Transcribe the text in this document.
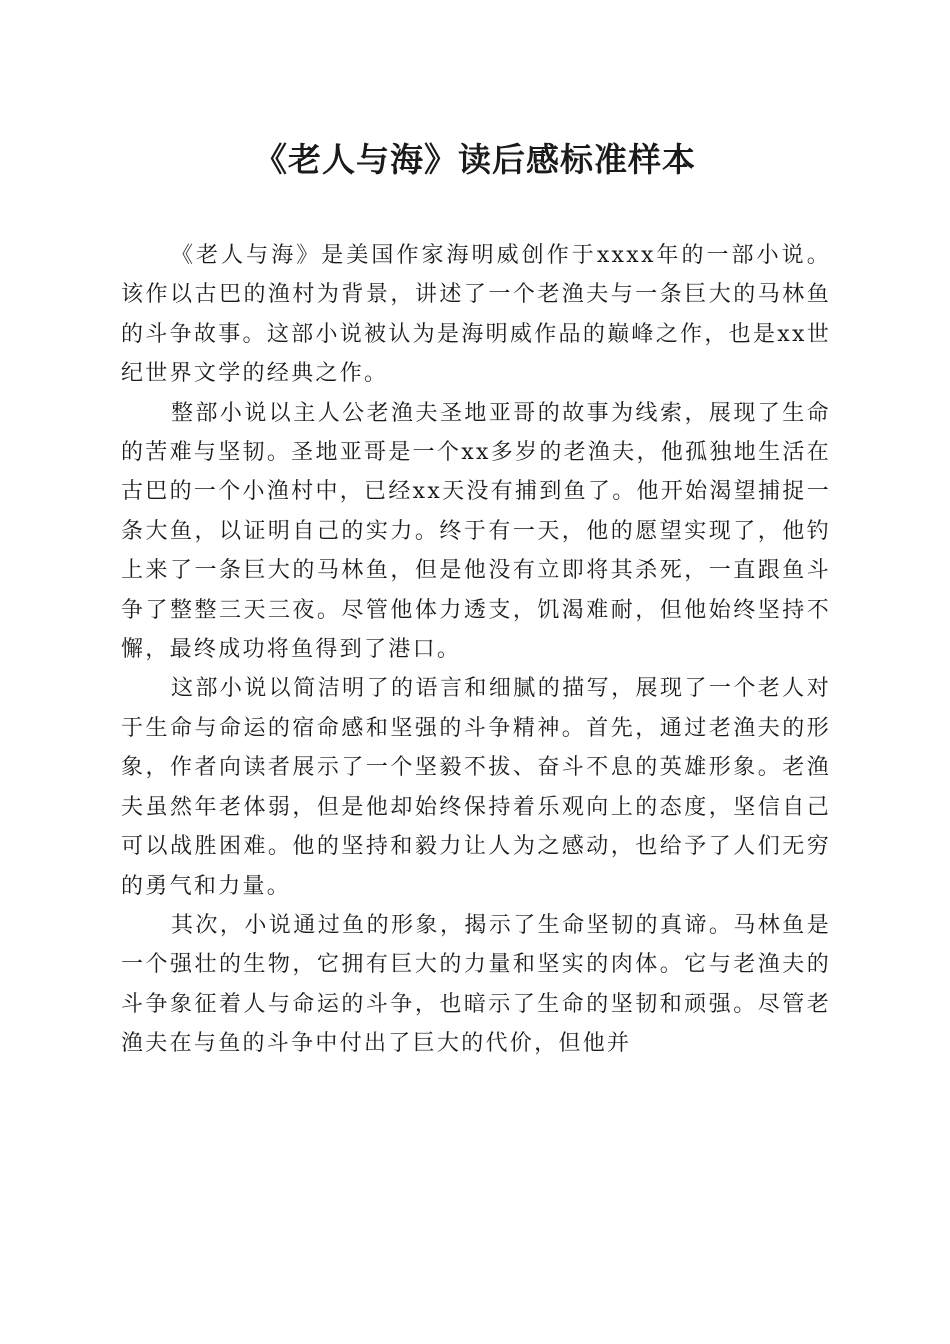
《老人与海》读后感标准样本

《老人与海》是美国作家海明威创作于xxxx年的一部小说。该作以古巴的渔村为背景，讲述了一个老渔夫与一条巨大的马林鱼的斗争故事。这部小说被认为是海明威作品的巅峰之作，也是xx世纪世界文学的经典之作。

整部小说以主人公老渔夫圣地亚哥的故事为线索，展现了生命的苦难与坚韧。圣地亚哥是一个xx多岁的老渔夫，他孤独地生活在古巴的一个小渔村中，已经xx天没有捕到鱼了。他开始渴望捕捉一条大鱼，以证明自己的实力。终于有一天，他的愿望实现了，他钓上来了一条巨大的马林鱼，但是他没有立即将其杀死，一直跟鱼斗争了整整三天三夜。尽管他体力透支，饥渴难耐，但他始终坚持不懈，最终成功将鱼得到了港口。

这部小说以简洁明了的语言和细腻的描写，展现了一个老人对于生命与命运的宿命感和坚强的斗争精神。首先，通过老渔夫的形象，作者向读者展示了一个坚毅不拔、奋斗不息的英雄形象。老渔夫虽然年老体弱，但是他却始终保持着乐观向上的态度，坚信自己可以战胜困难。他的坚持和毅力让人为之感动，也给予了人们无穷的勇气和力量。

其次，小说通过鱼的形象，揭示了生命坚韧的真谛。马林鱼是一个强壮的生物，它拥有巨大的力量和坚实的肉体。它与老渔夫的斗争象征着人与命运的斗争，也暗示了生命的坚韧和顽强。尽管老渔夫在与鱼的斗争中付出了巨大的代价，但他并
